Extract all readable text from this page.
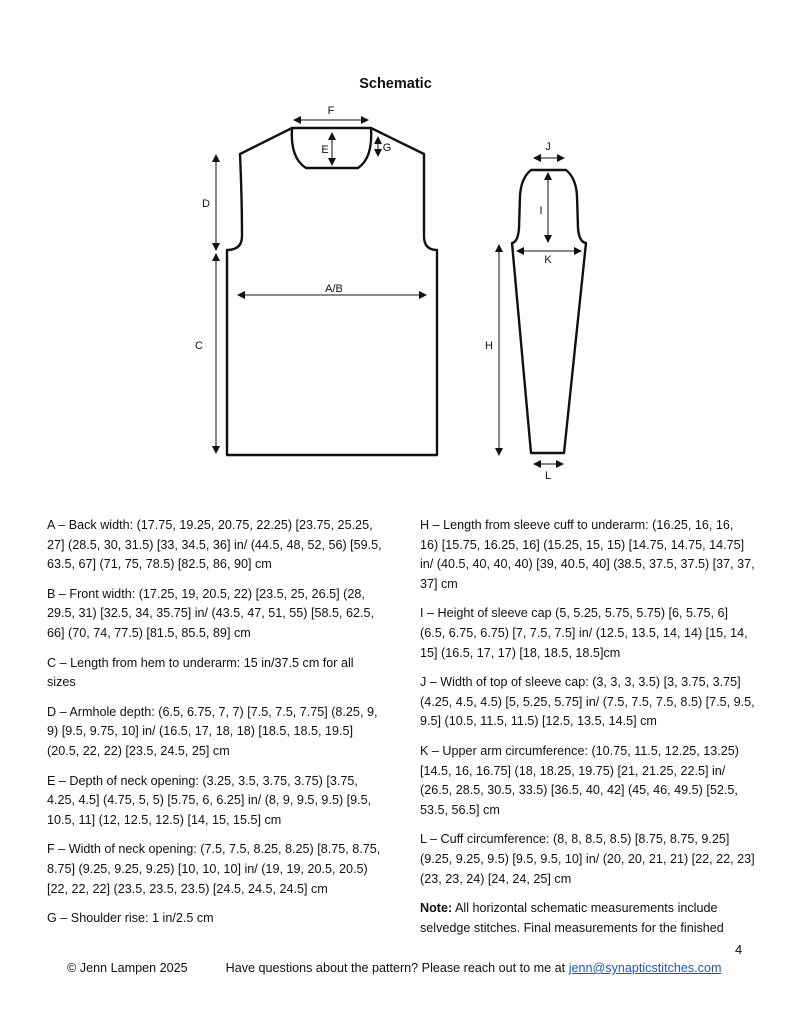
Schematic
F
E	G
D
C
A/B
J
I
K
H
L

A – Back width: (17.75, 19.25, 20.75, 22.25) [23.75, 25.25, 27] (28.5, 30, 31.5) [33, 34.5, 36] in/ (44.5, 48, 52, 56) [59.5, 63.5, 67] (71, 75, 78.5) [82.5, 86, 90] cm

B – Front width: (17.25, 19, 20.5, 22) [23.5, 25, 26.5] (28, 29.5, 31) [32.5, 34, 35.75] in/ (43.5, 47, 51, 55) [58.5, 62.5, 66] (70, 74, 77.5) [81.5, 85.5, 89] cm

C – Length from hem to underarm: 15 in/37.5 cm for all sizes

D – Armhole depth: (6.5, 6.75, 7, 7) [7.5, 7.5, 7.75] (8.25, 9, 9) [9.5, 9.75, 10] in/ (16.5, 17, 18, 18) [18.5, 18.5, 19.5] (20.5, 22, 22) [23.5, 24.5, 25] cm

E – Depth of neck opening: (3.25, 3.5, 3.75, 3.75) [3.75, 4.25, 4.5] (4.75, 5, 5) [5.75, 6, 6.25] in/ (8, 9, 9.5, 9.5) [9.5, 10.5, 11] (12, 12.5, 12.5) [14, 15, 15.5] cm

F – Width of neck opening: (7.5, 7.5, 8.25, 8.25) [8.75, 8.75, 8.75] (9.25, 9.25, 9.25) [10, 10, 10] in/ (19, 19, 20.5, 20.5) [22, 22, 22] (23.5, 23.5, 23.5) [24.5, 24.5, 24.5] cm

G – Shoulder rise: 1 in/2.5 cm

H – Length from sleeve cuff to underarm: (16.25, 16, 16, 16) [15.75, 16.25, 16] (15.25, 15, 15) [14.75, 14.75, 14.75] in/ (40.5, 40, 40, 40) [39, 40.5, 40] (38.5, 37.5, 37.5) [37, 37, 37] cm

I – Height of sleeve cap (5, 5.25, 5.75, 5.75) [6, 5.75, 6] (6.5, 6.75, 6.75) [7, 7.5, 7.5] in/ (12.5, 13.5, 14, 14) [15, 14, 15] (16.5, 17, 17) [18, 18.5, 18.5]cm

J – Width of top of sleeve cap: (3, 3, 3, 3.5) [3, 3.75, 3.75] (4.25, 4.5, 4.5) [5, 5.25, 5.75] in/ (7.5, 7.5, 7.5, 8.5) [7.5, 9.5, 9.5] (10.5, 11.5, 11.5) [12.5, 13.5, 14.5] cm

K – Upper arm circumference: (10.75, 11.5, 12.25, 13.25) [14.5, 16, 16.75] (18, 18.25, 19.75) [21, 21.25, 22.5] in/ (26.5, 28.5, 30.5, 33.5) [36.5, 40, 42] (45, 46, 49.5) [52.5, 53.5, 56.5] cm

L – Cuff circumference: (8, 8, 8.5, 8.5) [8.75, 8.75, 9.25] (9.25, 9.25, 9.5) [9.5, 9.5, 10] in/ (20, 20, 21, 21) [22, 22, 23] (23, 23, 24) [24, 24, 25] cm

Note: All horizontal schematic measurements include selvedge stitches. Final measurements for the finished

4
© Jenn Lampen 2025	Have questions about the pattern? Please reach out to me at jenn@synapticstitches.com
